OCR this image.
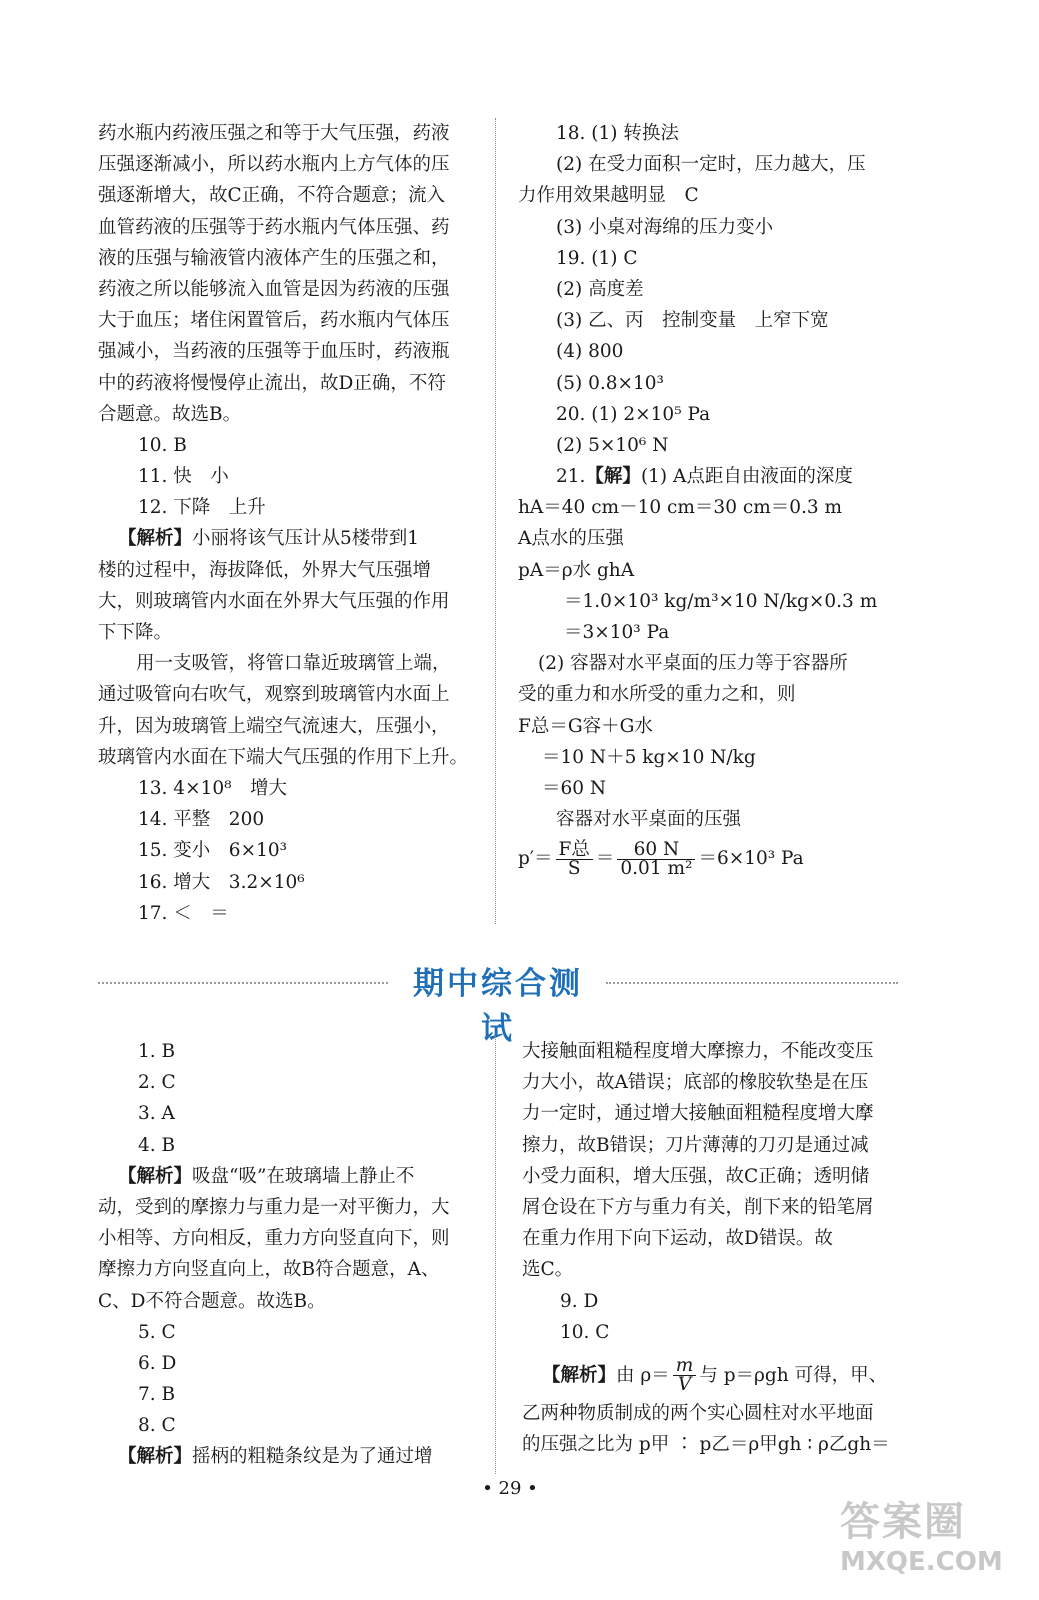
药水瓶内药液压强之和等于大气压强，药液
压强逐渐减小，所以药水瓶内上方气体的压
强逐渐增大，故C正确，不符合题意；流入
血管药液的压强等于药水瓶内气体压强、药
液的压强与输液管内液体产生的压强之和，
药液之所以能够流入血管是因为药液的压强
大于血压；堵住闲置管后，药水瓶内气体压
强减小，当药液的压强等于血压时，药液瓶
中的药液将慢慢停止流出，故D正确，不符
合题意。故选B。
10. B
11. 快　小
12. 下降　上升
【解析】小丽将该气压计从5楼带到1
楼的过程中，海拔降低，外界大气压强增
大，则玻璃管内水面在外界大气压强的作用
下下降。
用一支吸管，将管口靠近玻璃管上端，
通过吸管向右吹气，观察到玻璃管内水面上
升，因为玻璃管上端空气流速大，压强小，
玻璃管内水面在下端大气压强的作用下上升。
13. 4×10⁸　增大
14. 平整　200
15. 变小　6×10³
16. 增大　3.2×10⁶
17. ＜　＝
18. (1) 转换法
(2) 在受力面积一定时，压力越大，压
力作用效果越明显　C
(3) 小桌对海绵的压力变小
19. (1) C
(2) 高度差
(3) 乙、丙　控制变量　上窄下宽
(4) 800
(5) 0.8×10³
20. (1) 2×10⁵ Pa
(2) 5×10⁶ N
21.【解】(1) A点距自由液面的深度
hA＝40 cm－10 cm＝30 cm＝0.3 m
A点水的压强
pA＝ρ水 ghA
＝1.0×10³ kg/m³×10 N/kg×0.3 m
＝3×10³ Pa
(2) 容器对水平桌面的压力等于容器所
受的重力和水所受的重力之和，则
F总＝G容＋G水
＝10 N＋5 kg×10 N/kg
＝60 N
容器对水平桌面的压强
$p'= \frac{\text{F总}}{S} = \frac{60 N}{\text{0.01 m²}} =6\times 10^3$ Pa
期中综合测试
1. B
2. C
3. A
4. B
【解析】吸盘“吸”在玻璃墙上静止不
动，受到的摩擦力与重力是一对平衡力，大
小相等、方向相反，重力方向竖直向下，则
摩擦力方向竖直向上，故B符合题意，A、
C、D不符合题意。故选B。
5. C
6. D
7. B
8. C
【解析】摇柄的粗糙条纹是为了通过增
大接触面粗糙程度增大摩擦力，不能改变压
力大小，故A错误；底部的橡胶软垫是在压
力一定时，通过增大接触面粗糙程度增大摩
擦力，故B错误；刀片薄薄的刀刃是通过减
小受力面积，增大压强，故C正确；透明储
屑仓设在下方与重力有关，削下来的铅笔屑
在重力作用下向下运动，故D错误。故
选C。
9. D
10. C
【解析】由 $\rho= \frac{m}{V}$ 与 p＝ρgh 可得，甲、
乙两种物质制成的两个实心圆柱对水平地面
的压强之比为 p甲 ∶ p乙＝ρ甲gh ∶ ρ乙gh＝
• 29 •
答案圈
MXQE.COM
